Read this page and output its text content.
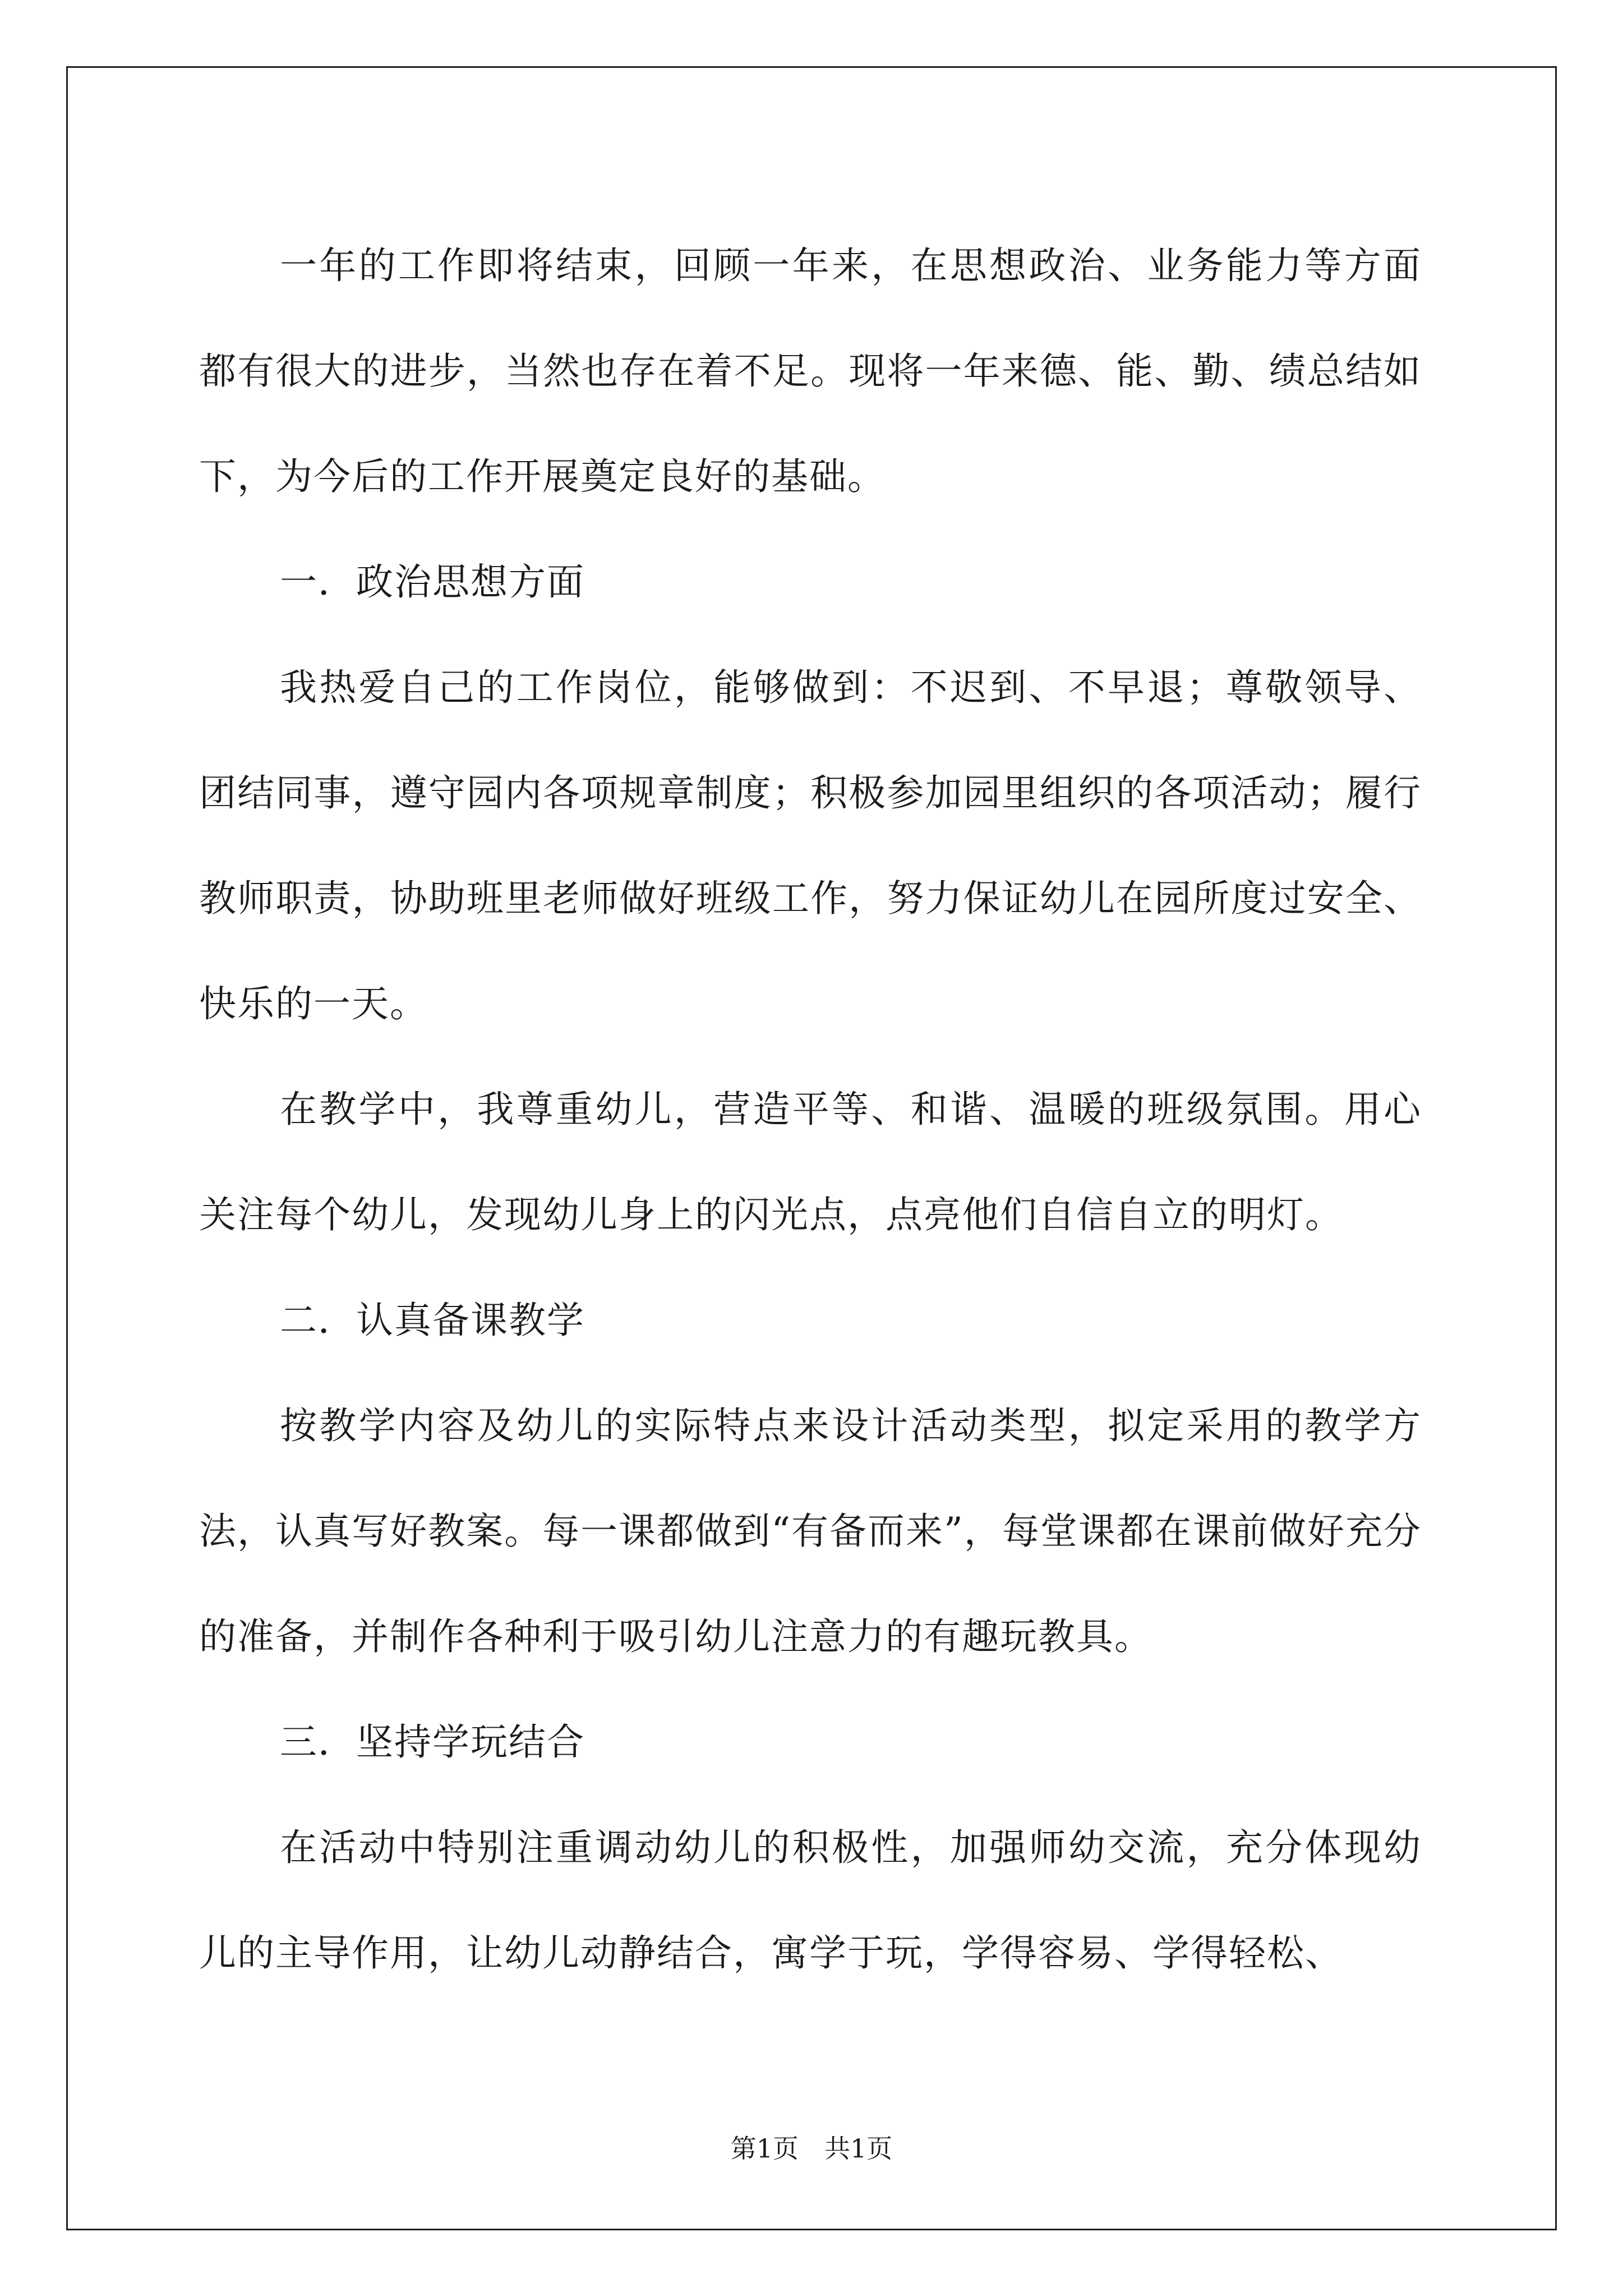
一年的工作即将结束，回顾一年来，在思想政治、业务能力等方面都有很大的进步，当然也存在着不足。现将一年来德、能、勤、绩总结如下，为今后的工作开展奠定良好的基础。

一．政治思想方面

我热爱自己的工作岗位，能够做到：不迟到、不早退；尊敬领导、团结同事，遵守园内各项规章制度；积极参加园里组织的各项活动；履行教师职责，协助班里老师做好班级工作，努力保证幼儿在园所度过安全、快乐的一天。

在教学中，我尊重幼儿，营造平等、和谐、温暖的班级氛围。用心关注每个幼儿，发现幼儿身上的闪光点，点亮他们自信自立的明灯。

二．认真备课教学

按教学内容及幼儿的实际特点来设计活动类型，拟定采用的教学方法，认真写好教案。每一课都做到“有备而来”，每堂课都在课前做好充分的准备，并制作各种利于吸引幼儿注意力的有趣玩教具。

三．坚持学玩结合

在活动中特别注重调动幼儿的积极性，加强师幼交流，充分体现幼儿的主导作用，让幼儿动静结合，寓学于玩，学得容易、学得轻松、

第1页　共1页
